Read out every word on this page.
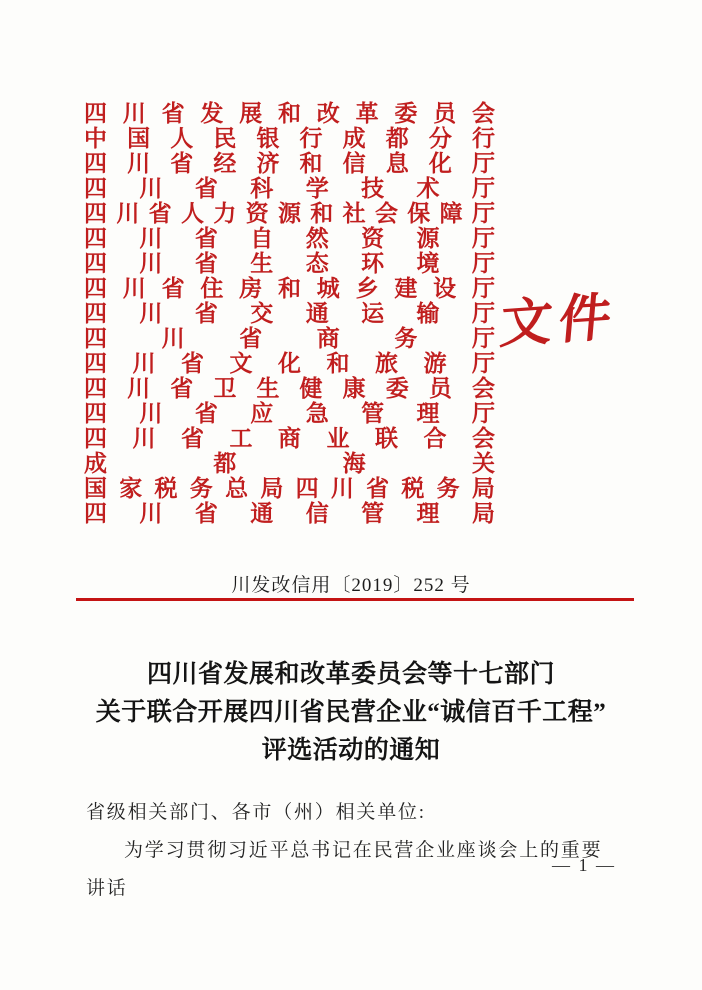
四 川 省 发 展 和 改 革 委 员 会
中 国 人 民 银 行 成 都 分 行
四 川 省 经 济 和 信 息 化 厅
四 川 省 科 学 技 术 厅
四 川 省 人 力 资 源 和 社 会 保 障 厅
四 川 省 自 然 资 源 厅
四 川 省 生 态 环 境 厅
四 川 省 住 房 和 城 乡 建 设 厅
四 川 省 交 通 运 输 厅
四 川 省 商 务 厅
四 川 省 文 化 和 旅 游 厅
四 川 省 卫 生 健 康 委 员 会
四 川 省 应 急 管 理 厅
四 川 省 工 商 业 联 合 会
成	都	海	关
国 家 税 务 总 局 四 川 省 税 务 局
四 川 省 通 信 管 理 局
文件
川发改信用〔2019〕252 号
四川省发展和改革委员会等十七部门
关于联合开展四川省民营企业“诚信百千工程”
评选活动的通知
省级相关部门、各市（州）相关单位:
为学习贯彻习近平总书记在民营企业座谈会上的重要讲话
— 1 —
